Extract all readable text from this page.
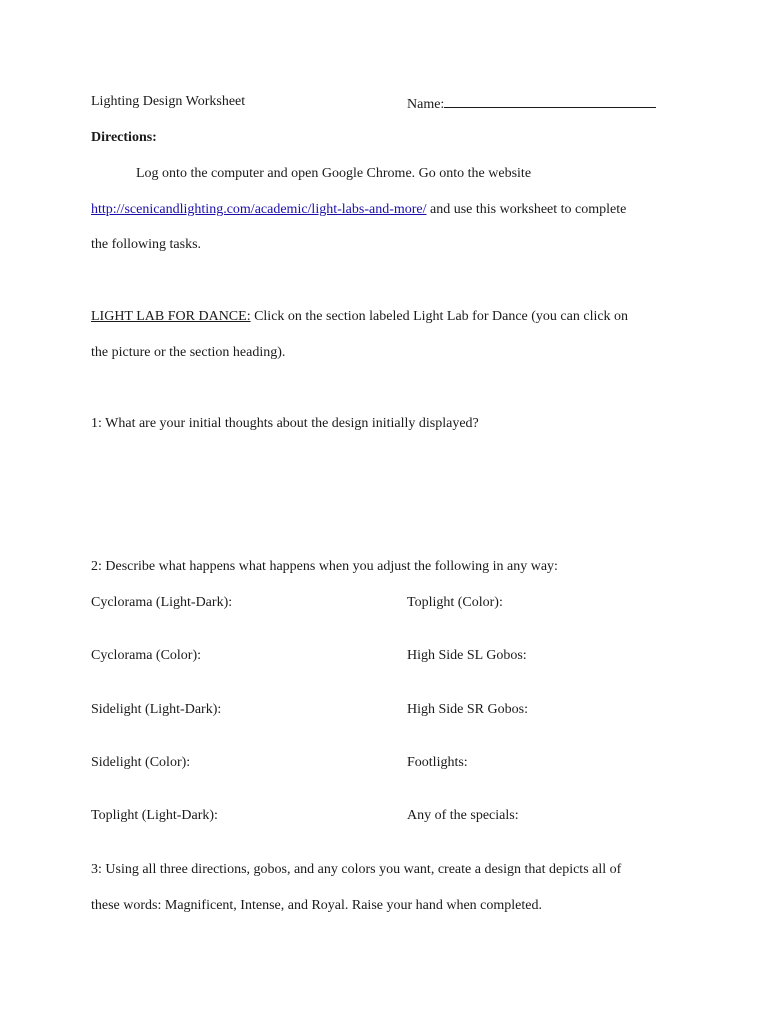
Lighting Design Worksheet	Name:
Directions:
Log onto the computer and open Google Chrome. Go onto the website
http://scenicandlighting.com/academic/light-labs-and-more/ and use this worksheet to complete
the following tasks.
LIGHT LAB FOR DANCE: Click on the section labeled Light Lab for Dance (you can click on
the picture or the section heading).
1: What are your initial thoughts about the design initially displayed?
2: Describe what happens what happens when you adjust the following in any way:
Cyclorama (Light-Dark):	Toplight (Color):
Cyclorama (Color):	High Side SL Gobos:
Sidelight (Light-Dark):	High Side SR Gobos:
Sidelight (Color):	Footlights:
Toplight (Light-Dark):	Any of the specials:
3: Using all three directions, gobos, and any colors you want, create a design that depicts all of
these words: Magnificent, Intense, and Royal. Raise your hand when completed.
